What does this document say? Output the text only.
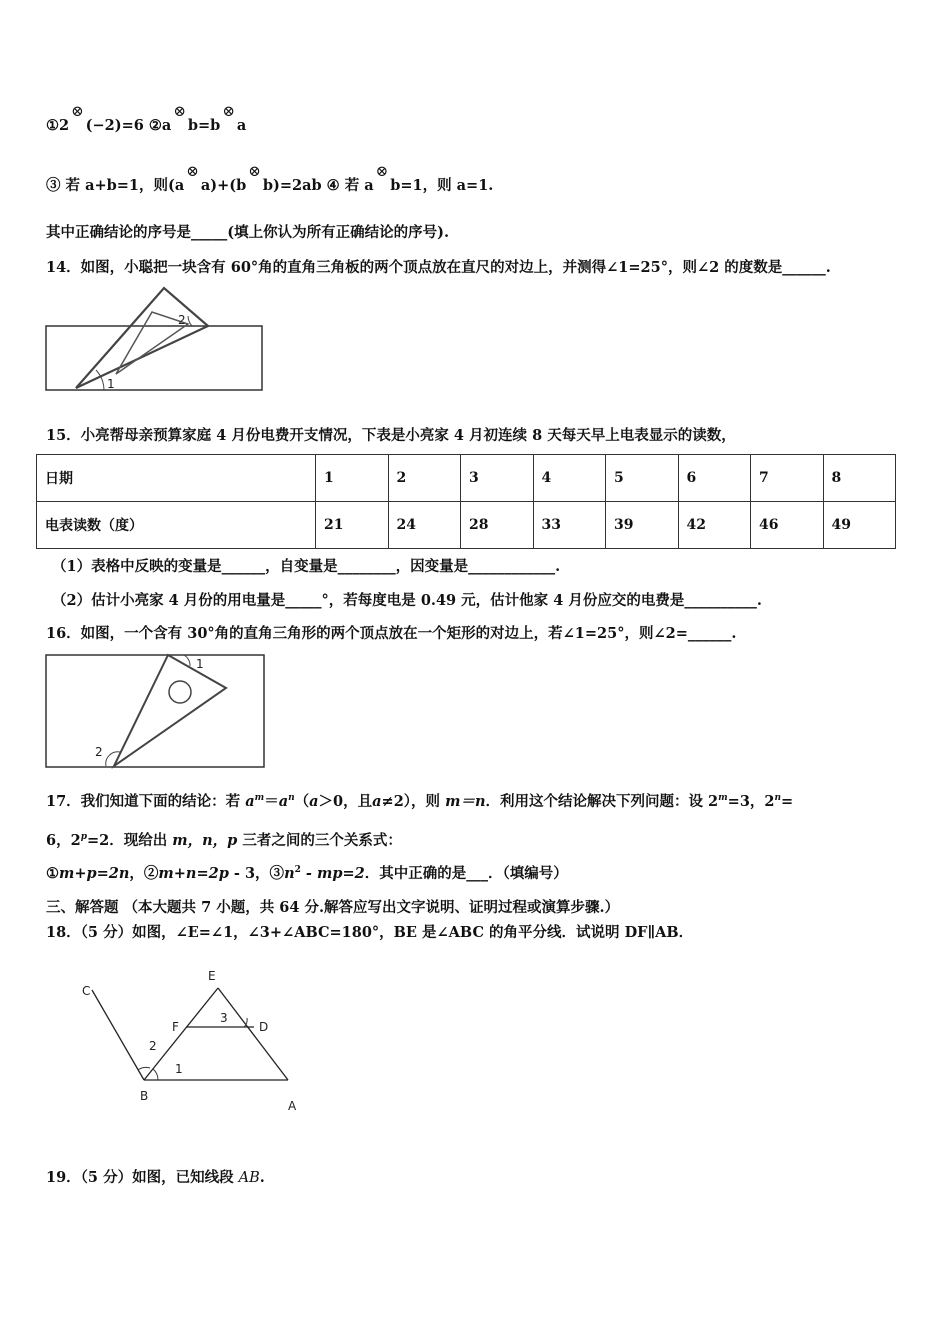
①2⊗(−2)=6 ②a⊗b=b⊗a
③ 若 a+b=1，则(a⊗a)+(b⊗b)=2ab ④ 若 a⊗b=1，则 a=1.
其中正确结论的序号是_____(填上你认为所有正确结论的序号).
14．如图，小聪把一块含有 60°角的直角三角板的两个顶点放在直尺的对边上，并测得∠1=25°，则∠2 的度数是______.
1
2
15．小亮帮母亲预算家庭 4 月份电费开支情况，下表是小亮家 4 月初连续 8 天每天早上电表显示的读数，
日期	1	2	3	4	5	6	7	8
电表读数（度）	21	24	28	33	39	42	46	49
（1）表格中反映的变量是______，自变量是________，因变量是____________.
（2）估计小亮家 4 月份的用电量是_____°，若每度电是 0.49 元，估计他家 4 月份应交的电费是__________.
16．如图，一个含有 30°角的直角三角形的两个顶点放在一个矩形的对边上，若∠1=25°，则∠2=______.
1
2
17．我们知道下面的结论：若 $a^m=a^n(a>0$，且a≠2），则 m＝n．利用这个结论解决下列问题：设 $2^m=3$，$2^n=$
6，$2^p=2$．现给出 m，n，p 三者之间的三个关系式：
①m+p=2n，②m+n=2p - 3，$③n^2 - mp=2$．其中正确的是___．（填编号）
三、解答题 （本大题共 7 小题，共 64 分.解答应写出文字说明、证明过程或演算步骤.）
18．（5 分）如图，∠E=∠1，∠3+∠ABC=180°，BE 是∠ABC 的角平分线．试说明 DF∥AB．
C
E
F	D
B
A
1
2
3
19．（5 分）如图，已知线段 AB.
